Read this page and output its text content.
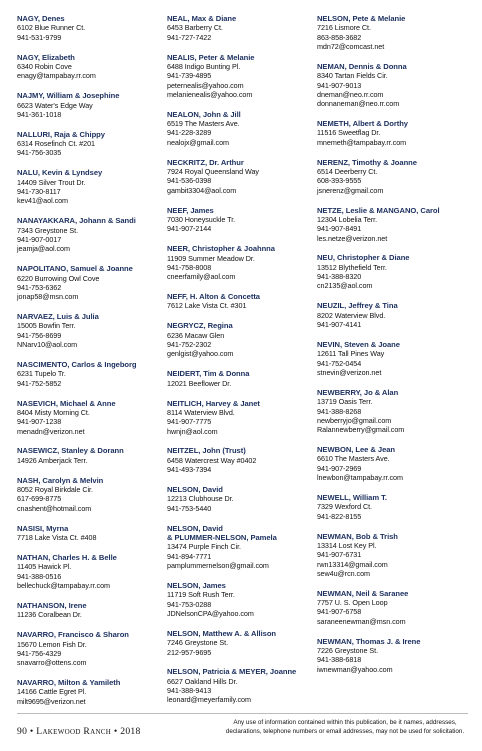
NAGY, Denes
6102 Blue Runner Ct.
941-531-9799
NAGY, Elizabeth
6340 Robin Cove
enagy@tampabay.rr.com
NAJMY, William & Josephine
6623 Water's Edge Way
941-361-1018
NALLURI, Raja & Chippy
6314 Rosefinch Ct. #201
941-756-3035
NALU, Kevin & Lyndsey
14409 Silver Trout Dr.
941-730-8117
kev41@aol.com
NANAYAKKARA, Johann & Sandi
7343 Greystone St.
941-907-0017
jeamja@aol.com
NAPOLITANO, Samuel & Joanne
6220 Burrowing Owl Cove
941-753-6362
jonap58@msn.com
NARVAEZ, Luis & Julia
15005 Bowfin Terr.
941-756-8699
NNarv10@aol.com
NASCIMENTO, Carlos & Ingeborg
6231 Tupelo Tr.
941-752-5852
NASEVICH, Michael & Anne
8404 Misty Morning Ct.
941-907-1238
menadn@verizon.net
NASEWICZ, Stanley & Dorann
14926 Amberjack Terr.
NASH, Carolyn & Melvin
8052 Royal Birkdale Cir.
617-699-8775
cnashent@hotmail.com
NASISI, Myrna
7718 Lake Vista Ct. #408
NATHAN, Charles H. & Belle
11405 Hawick Pl.
941-388-0516
bellechuck@tampabay.rr.com
NATHANSON, Irene
11236 Coralbean Dr.
NAVARRO, Francisco & Sharon
15670 Lemon Fish Dr.
941-756-4329
snavarro@ottens.com
NAVARRO, Milton & Yamileth
14166 Cattle Egret Pl.
milt9695@verizon.net
NEAL, Max & Diane
6453 Barberry Ct.
941-727-7422
NEALIS, Peter & Melanie
6488 Indigo Bunting Pl.
941-739-4895
peternealis@yahoo.com
melanienealis@yahoo.com
NEALON, John & Jill
6519 The Masters Ave.
941-228-3289
nealojx@gmail.com
NECKRITZ, Dr. Arthur
7924 Royal Queensland Way
941-536-0398
gambit3304@aol.com
NEEF, James
7030 Honeysuckle Tr.
941-907-2144
NEER, Christopher & Joahnna
11909 Summer Meadow Dr.
941-758-8008
cneerfamily@aol.com
NEFF, H. Alton & Concetta
7612 Lake Vista Ct. #301
NEGRYCZ, Regina
6236 Macaw Glen
941-752-2302
genlgist@yahoo.com
NEIDERT, Tim & Donna
12021 Beeflower Dr.
NEITLICH, Harvey & Janet
8114 Waterview Blvd.
941-907-7775
hwnjn@aol.com
NEITZEL, John (Trust)
6458 Watercrest Way #0402
941-493-7394
NELSON, David
12213 Clubhouse Dr.
941-753-5440
NELSON, David
& PLUMMER-NELSON, Pamela
13474 Purple Finch Cir.
941-894-7771
pamplummernelson@gmail.com
NELSON, James
11719 Soft Rush Terr.
941-753-0288
JDNelsonCPA@yahoo.com
NELSON, Matthew A. & Allison
7246 Greystone St.
212-957-9695
NELSON, Patricia & MEYER, Joanne
6627 Oakland Hills Dr.
941-388-9413
leonard@meyerfamily.com
NELSON, Pete & Melanie
7216 Lismore Ct.
863-858-3682
mdn72@comcast.net
NEMAN, Dennis & Donna
8340 Tartan Fields Cir.
941-907-9013
dneman@neo.rr.com
donnaneman@neo.rr.com
NEMETH, Albert & Dorthy
11516 Sweetflag Dr.
mnemeth@tampabay.rr.com
NERENZ, Timothy & Joanne
6514 Deerberry Ct.
608-393-9555
jsnerenz@gmail.com
NETZE, Leslie & MANGANO, Carol
12304 Lobelia Terr.
941-907-8491
les.netze@verizon.net
NEU, Christopher & Diane
13512 Blythefield Terr.
941-388-8320
cn2135@aol.com
NEUZIL, Jeffrey & Tina
8202 Waterview Blvd.
941-907-4141
NEVIN, Steven & Joane
12611 Tall Pines Way
941-752-0454
stnevin@verizon.net
NEWBERRY, Jo & Alan
13719 Oasis Terr.
941-388-8268
newberryjo@gmail.com
Ralannewberry@gmail.com
NEWBON, Lee & Jean
6610 The Masters Ave.
941-907-2969
lnewbon@tampabay.rr.com
NEWELL, William T.
7329 Wexford Ct.
941-822-8155
NEWMAN, Bob & Trish
13314 Lost Key Pl.
941-907-6731
rwn13314@gmail.com
sew4u@rcn.com
NEWMAN, Neil & Saranee
7757 U. S. Open Loop
941-907-6758
saraneenewman@msn.com
NEWMAN, Thomas J. & Irene
7226 Greystone St.
941-388-6818
iwnewman@yahoo.com
90 • Lakewood Ranch • 2018
Any use of information contained within this publication, be it names, addresses,
declarations, telephone numbers or email addresses, may not be used for solicitation.
